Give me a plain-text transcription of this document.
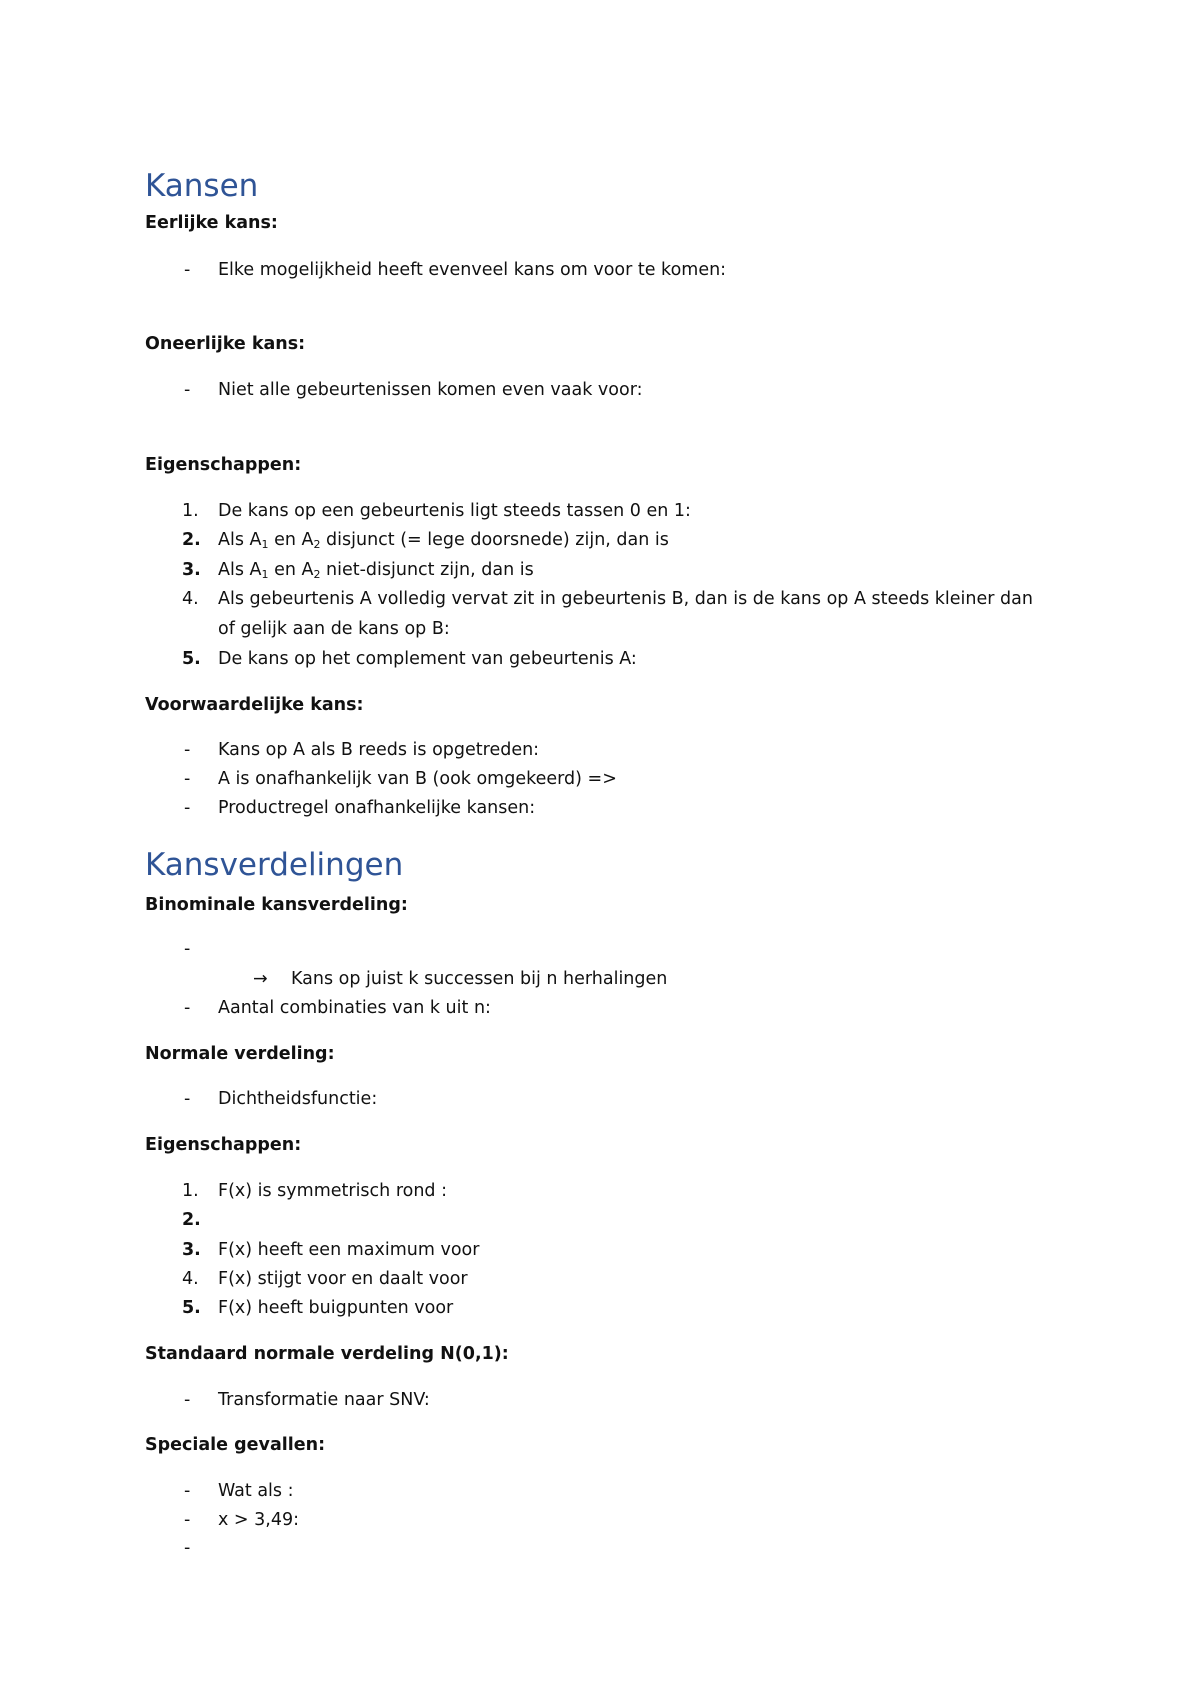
Kansen
Eerlijke kans:
- Elke mogelijkheid heeft evenveel kans om voor te komen:
Oneerlijke kans:
- Niet alle gebeurtenissen komen even vaak voor:
Eigenschappen:
1. De kans op een gebeurtenis ligt steeds tassen 0 en 1:
2. Als $A_1$ en $A_2$ disjunct (= lege doorsnede) zijn, dan is
3. Als $A_1$ en $A_2$ niet-disjunct zijn, dan is
4. Als gebeurtenis A volledig vervat zit in gebeurtenis B, dan is de kans op A steeds kleiner dan
of gelijk aan de kans op B:
5. De kans op het complement van gebeurtenis A:
Voorwaardelijke kans:
- Kans op A als B reeds is opgetreden:
- A is onafhankelijk van B (ook omgekeerd) =>
- Productregel onafhankelijke kansen:
Kansverdelingen
Binominale kansverdeling:
-
→ Kans op juist k successen bij n herhalingen
- Aantal combinaties van k uit n:
Normale verdeling:
- Dichtheidsfunctie:
Eigenschappen:
1. F(x) is symmetrisch rond :
2.
3. F(x) heeft een maximum voor
4. F(x) stijgt voor en daalt voor
5. F(x) heeft buigpunten voor
Standaard normale verdeling N(0,1):
- Transformatie naar SNV:
Speciale gevallen:
- Wat als :
- x > 3,49:
-
